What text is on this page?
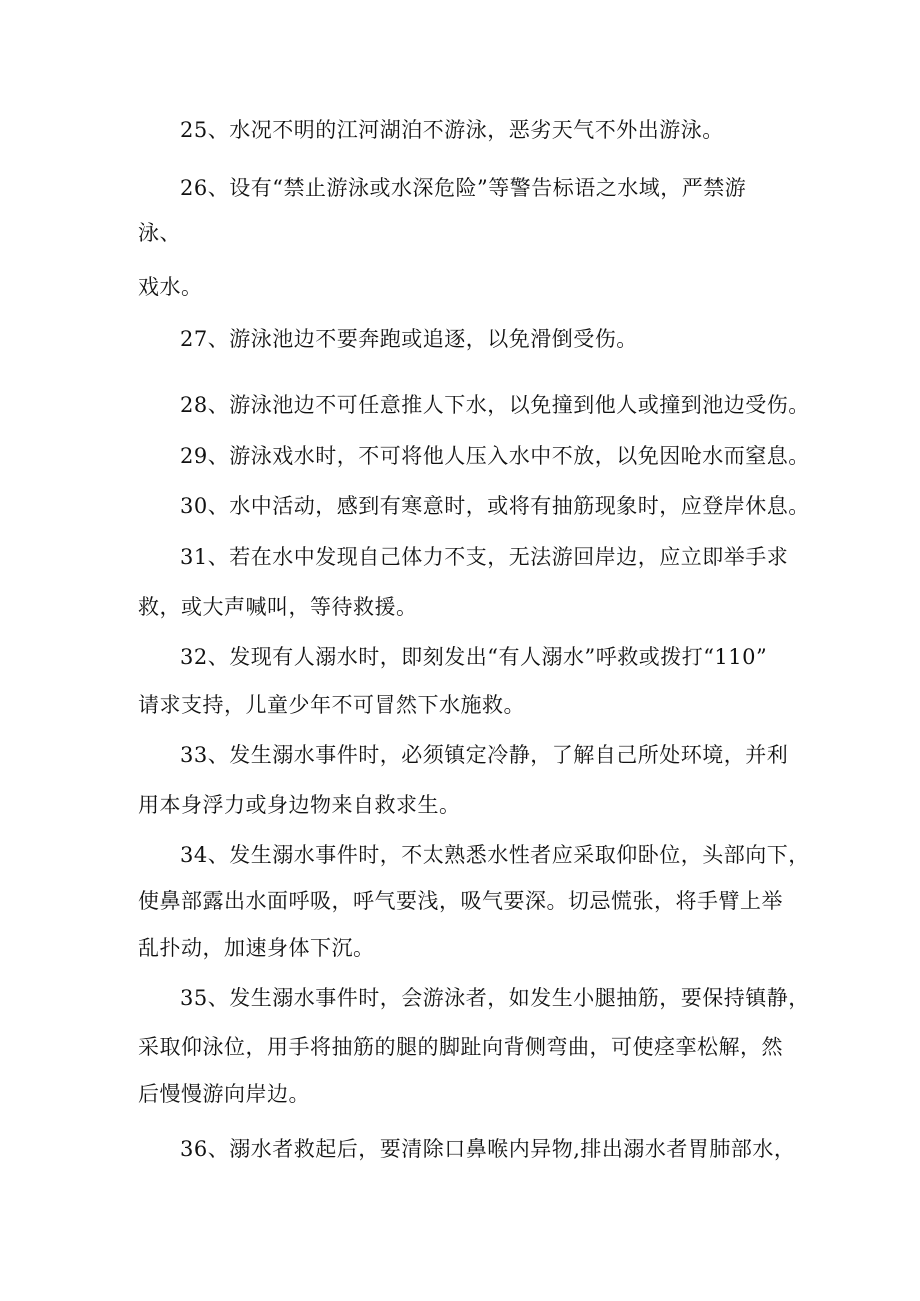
25、水况不明的江河湖泊不游泳，恶劣天气不外出游泳。
26、设有“禁止游泳或水深危险”等警告标语之水域，严禁游
泳、
戏水。
27、游泳池边不要奔跑或追逐，以免滑倒受伤。
28、游泳池边不可任意推人下水，以免撞到他人或撞到池边受伤。
29、游泳戏水时，不可将他人压入水中不放，以免因呛水而窒息。
30、水中活动，感到有寒意时，或将有抽筋现象时，应登岸休息。
31、若在水中发现自己体力不支，无法游回岸边，应立即举手求
救，或大声喊叫，等待救援。
32、发现有人溺水时，即刻发出“有人溺水”呼救或拨打“110”
请求支持，儿童少年不可冒然下水施救。
33、发生溺水事件时，必须镇定冷静，了解自己所处环境，并利
用本身浮力或身边物来自救求生。
34、发生溺水事件时，不太熟悉水性者应采取仰卧位，头部向下，
使鼻部露出水面呼吸，呼气要浅，吸气要深。切忌慌张，将手臂上举
乱扑动，加速身体下沉。
35、发生溺水事件时，会游泳者，如发生小腿抽筋，要保持镇静，
采取仰泳位，用手将抽筋的腿的脚趾向背侧弯曲，可使痉挛松解，然
后慢慢游向岸边。
36、溺水者救起后，要清除口鼻喉内异物,排出溺水者胃肺部水，
